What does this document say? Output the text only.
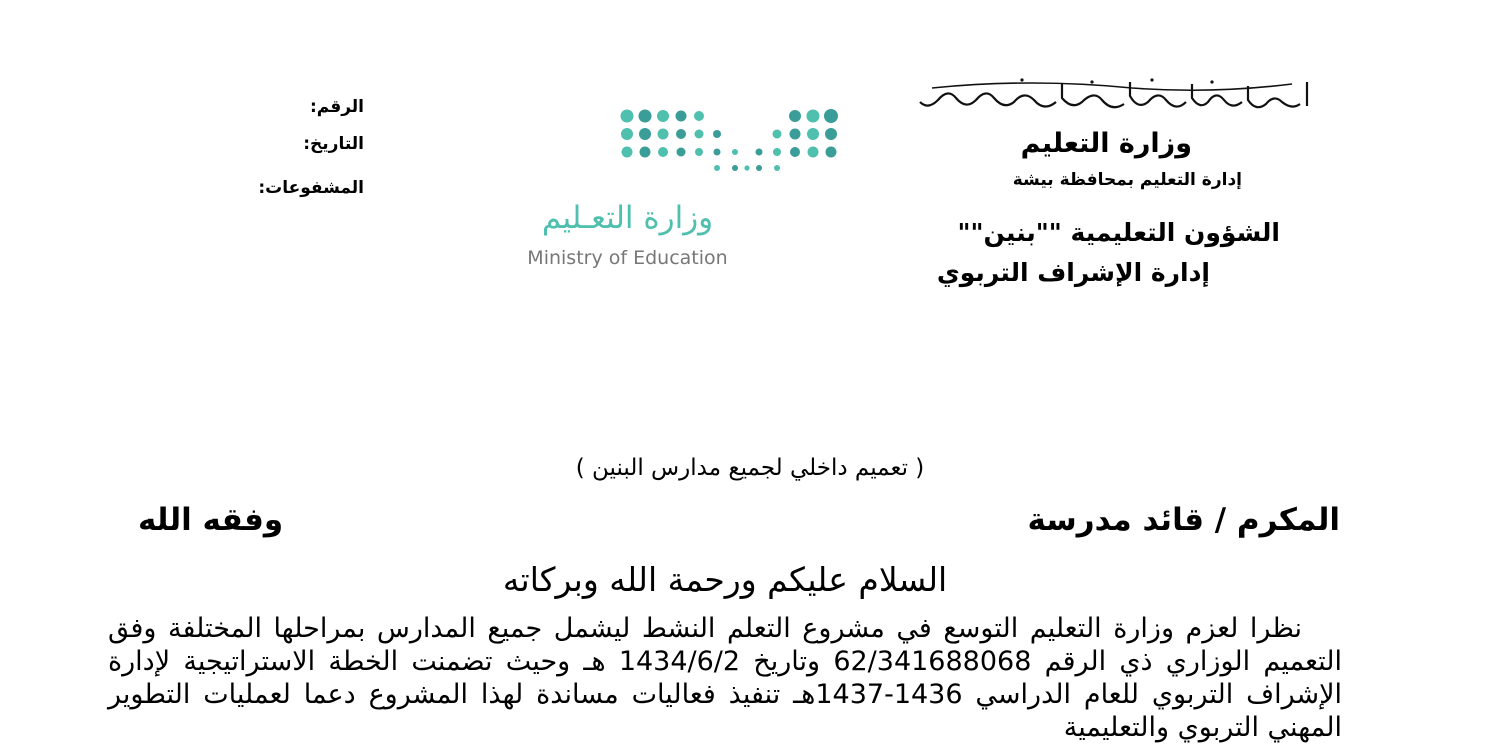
وزارة التعليم
إدارة التعليم بمحافظة بيشة
الشؤون التعليمية ""بنين""
إدارة الإشراف التربوي
الرقم:
التاريخ:
المشفوعات:
وزارة التعـليم
Ministry of Education
( تعميم داخلي لجميع مدارس البنين )
المكرم / قائد مدرسة
وفقه الله
السلام عليكم ورحمة الله وبركاته

نظرا لعزم وزارة التعليم التوسع في مشروع التعلم النشط ليشمل جميع المدارس بمراحلها المختلفة وفق التعميم الوزاري ذي الرقم 62/341688068 وتاريخ 1434/6/2 هـ وحيث تضمنت الخطة الاستراتيجية لإدارة الإشراف التربوي للعام الدراسي 1436-1437هـ تنفيذ فعاليات مساندة لهذا المشروع دعما لعمليات التطوير المهني التربوي والتعليمية
